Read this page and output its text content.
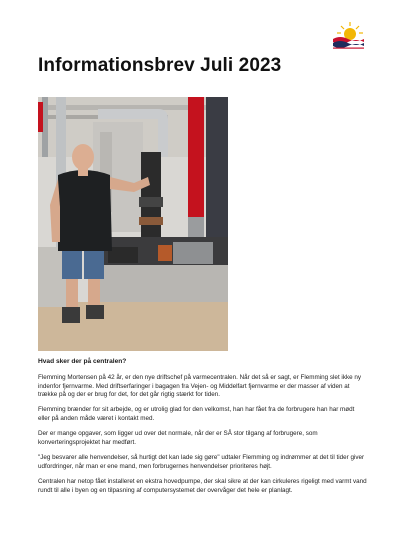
Informationsbrev Juli 2023
Hvad sker der på centralen?

Flemming Mortensen på 42 år, er den nye driftschef på varmecentralen. Når det så er sagt, er Flemming slet ikke ny indenfor fjernvarme. Med driftserfaringer i bagagen fra Vejen- og Middelfart fjernvarme er der masser af viden at trække på og der er brug for det, for det går rigtig stærkt for tiden.

Flemming brænder for sit arbejde, og er utrolig glad for den velkomst, han har fået fra de forbrugere han har mødt eller på anden måde været i kontakt med.

Der er mange opgaver, som ligger ud over det normale, når der er SÅ stor tilgang af forbrugere, som konverteringsprojektet har medført.

"Jeg besvarer alle henvendelser, så hurtigt det kan lade sig gøre" udtaler Flemming og indrømmer at det til tider giver udfordringer, når man er ene mand, men forbrugernes henvendelser prioriteres højt.

Centralen har netop fået installeret en ekstra hovedpumpe, der skal sikre at der kan cirkuleres rigeligt med varmt vand rundt til alle i byen og en tilpasning af computersystemet der overvåger det hele er planlagt.
